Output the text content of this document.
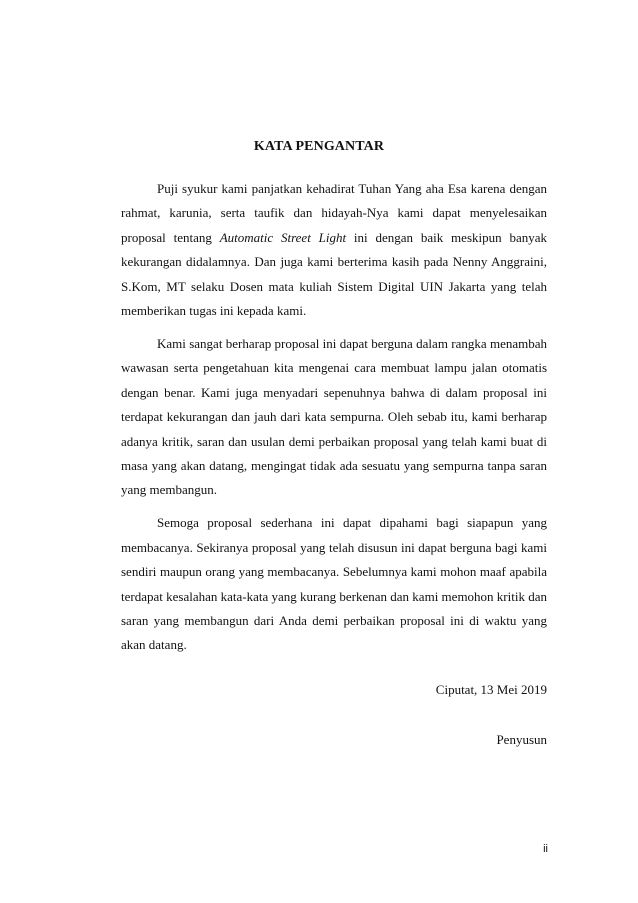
KATA PENGANTAR

Puji syukur kami panjatkan kehadirat Tuhan Yang aha Esa karena dengan rahmat, karunia, serta taufik dan hidayah-Nya kami dapat menyelesaikan proposal tentang Automatic Street Light ini dengan baik meskipun banyak kekurangan didalamnya. Dan juga kami berterima kasih pada Nenny Anggraini, S.Kom, MT selaku Dosen mata kuliah Sistem Digital UIN Jakarta yang telah memberikan tugas ini kepada kami.

Kami sangat berharap proposal ini dapat berguna dalam rangka menambah wawasan serta pengetahuan kita mengenai cara membuat lampu jalan otomatis dengan benar. Kami juga menyadari sepenuhnya bahwa di dalam proposal ini terdapat kekurangan dan jauh dari kata sempurna. Oleh sebab itu, kami berharap adanya kritik, saran dan usulan demi perbaikan proposal yang telah kami buat di masa yang akan datang, mengingat tidak ada sesuatu yang sempurna tanpa saran yang membangun.

Semoga proposal sederhana ini dapat dipahami bagi siapapun yang membacanya. Sekiranya proposal yang telah disusun ini dapat berguna bagi kami sendiri maupun orang yang membacanya. Sebelumnya kami mohon maaf apabila terdapat kesalahan kata-kata yang kurang berkenan dan kami memohon kritik dan saran yang membangun dari Anda demi perbaikan proposal ini di waktu yang akan datang.

Ciputat, 13 Mei 2019

Penyusun

ii
